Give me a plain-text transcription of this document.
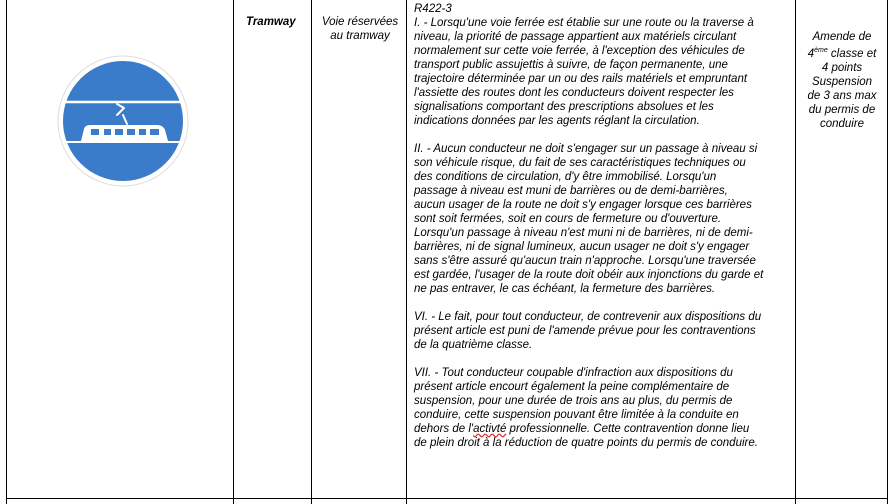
Tramway	Voie réservées au tramway

R422-3

I. - Lorsqu'une voie ferrée est établie sur une route ou la traverse à
niveau, la priorité de passage appartient aux matériels circulant
normalement sur cette voie ferrée, à l'exception des véhicules de
transport public assujettis à suivre, de façon permanente, une
trajectoire déterminée par un ou des rails matériels et empruntant
l'assiette des routes dont les conducteurs doivent respecter les
signalisations comportant des prescriptions absolues et les
indications données par les agents réglant la circulation.

II. - Aucun conducteur ne doit s'engager sur un passage à niveau si
son véhicule risque, du fait de ses caractéristiques techniques ou
des conditions de circulation, d'y être immobilisé. Lorsqu'un
passage à niveau est muni de barrières ou de demi-barrières,
aucun usager de la route ne doit s'y engager lorsque ces barrières
sont soit fermées, soit en cours de fermeture ou d'ouverture.
Lorsqu'un passage à niveau n'est muni ni de barrières, ni de demi-
barrières, ni de signal lumineux, aucun usager ne doit s'y engager
sans s'être assuré qu'aucun train n'approche. Lorsqu'une traversée
est gardée, l'usager de la route doit obéir aux injonctions du garde et
ne pas entraver, le cas échéant, la fermeture des barrières.

VI. - Le fait, pour tout conducteur, de contrevenir aux dispositions du
présent article est puni de l'amende prévue pour les contraventions
de la quatrième classe.

VII. - Tout conducteur coupable d'infraction aux dispositions du
présent article encourt également la peine complémentaire de
suspension, pour une durée de trois ans au plus, du permis de
conduire, cette suspension pouvant être limitée à la conduite en
dehors de l'activté professionnelle. Cette contravention donne lieu
de plein droit à la réduction de quatre points du permis de conduire.

Amende de
4ème classe et
4 points
Suspension
de 3 ans max
du permis de
conduire
